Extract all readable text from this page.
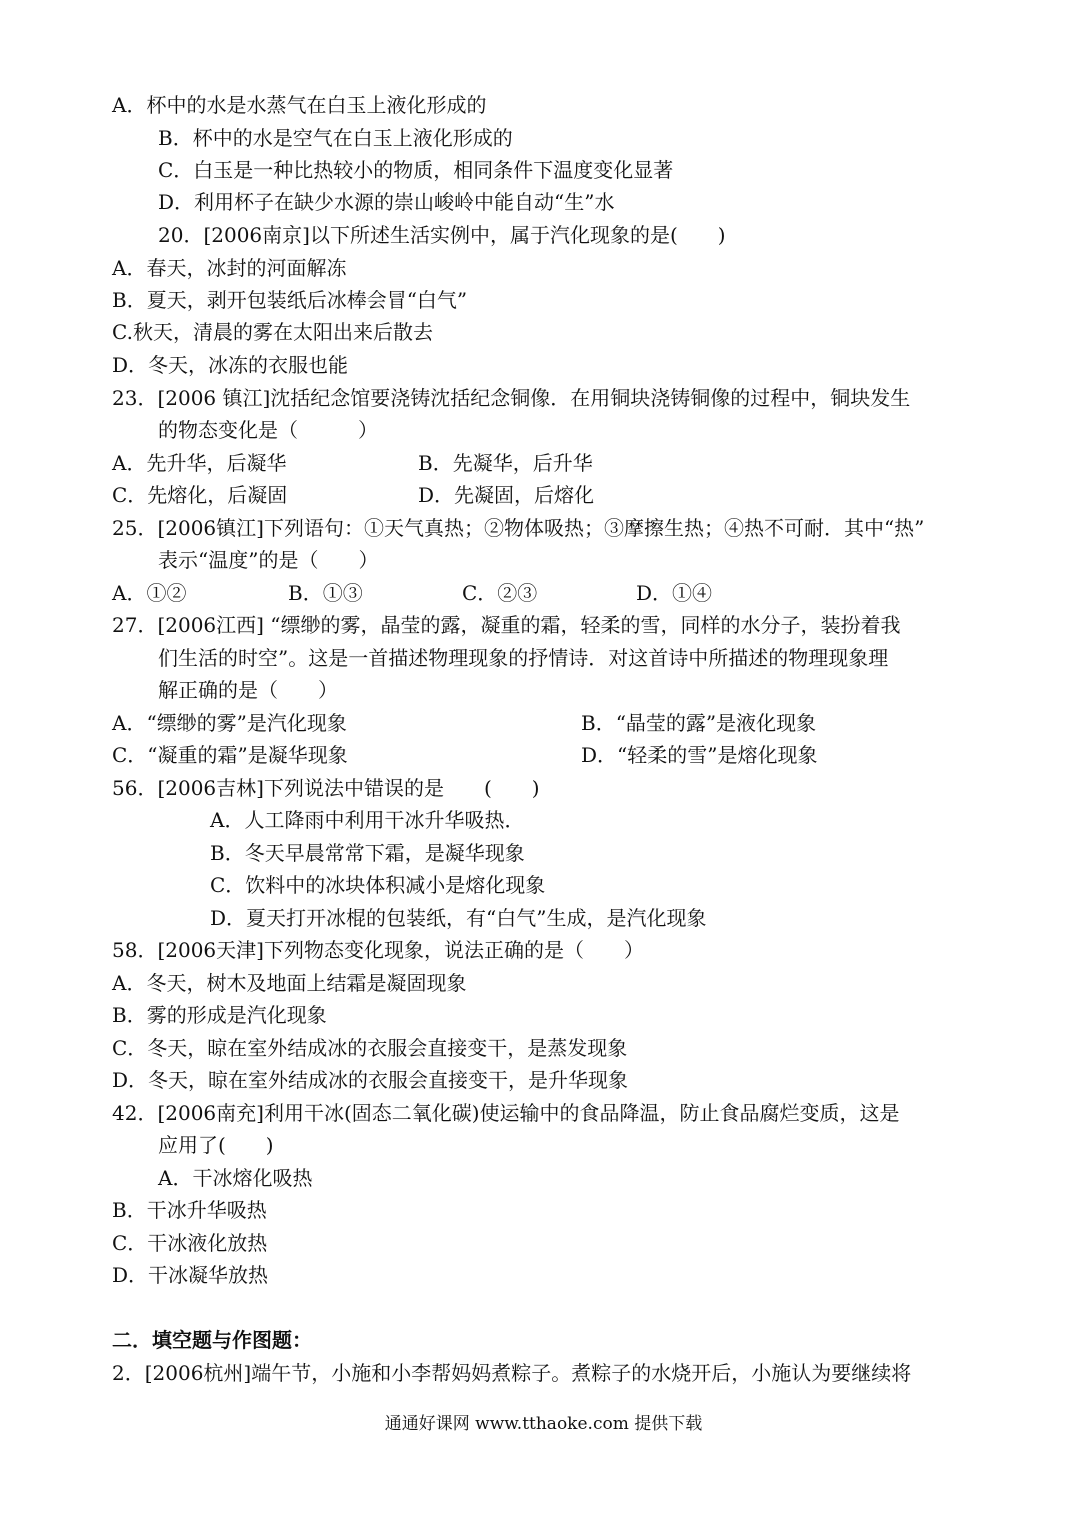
A．杯中的水是水蒸气在白玉上液化形成的
B．杯中的水是空气在白玉上液化形成的
C．白玉是一种比热较小的物质，相同条件下温度变化显著
D．利用杯子在缺少水源的崇山峻岭中能自动“生”水
20．[2006南京]以下所述生活实例中，属于汽化现象的是(　　)
A．春天，冰封的河面解冻
B．夏天，剥开包装纸后冰棒会冒“白气”
C.秋天，清晨的雾在太阳出来后散去
D．冬天，冰冻的衣服也能
23．[2006 镇江]沈括纪念馆要浇铸沈括纪念铜像．在用铜块浇铸铜像的过程中，铜块发生
的物态变化是（　　　）
A．先升华，后凝华	B．先凝华，后升华
C．先熔化，后凝固	D．先凝固，后熔化
25．[2006镇江]下列语句：①天气真热；②物体吸热；③摩擦生热；④热不可耐．其中“热”
表示“温度”的是（　　）
A．①②	B．①③	C．②③	D．①④
27．[2006江西] “缥缈的雾，晶莹的露，凝重的霜，轻柔的雪，同样的水分子，装扮着我
们生活的时空”。这是一首描述物理现象的抒情诗．对这首诗中所描述的物理现象理
解正确的是（　　）
A．“缥缈的雾”是汽化现象	B．“晶莹的露”是液化现象
C．“凝重的霜”是凝华现象	D．“轻柔的雪”是熔化现象
56．[2006吉林]下列说法中错误的是　　(　　)
A．人工降雨中利用干冰升华吸热．
B．冬天早晨常常下霜，是凝华现象
C．饮料中的冰块体积减小是熔化现象
D．夏天打开冰棍的包装纸，有“白气”生成，是汽化现象
58．[2006天津]下列物态变化现象，说法正确的是（　　）
A．冬天，树木及地面上结霜是凝固现象
B．雾的形成是汽化现象
C．冬天，晾在室外结成冰的衣服会直接变干，是蒸发现象
D．冬天，晾在室外结成冰的衣服会直接变干，是升华现象
42．[2006南充]利用干冰(固态二氧化碳)使运输中的食品降温，防止食品腐烂变质，这是
应用了(　　)
A．干冰熔化吸热
B．干冰升华吸热
C．干冰液化放热
D．干冰凝华放热
二．填空题与作图题：
2．[2006杭州]端午节，小施和小李帮妈妈煮粽子。煮粽子的水烧开后，小施认为要继续将
通通好课网 www.tthaoke.com 提供下载
